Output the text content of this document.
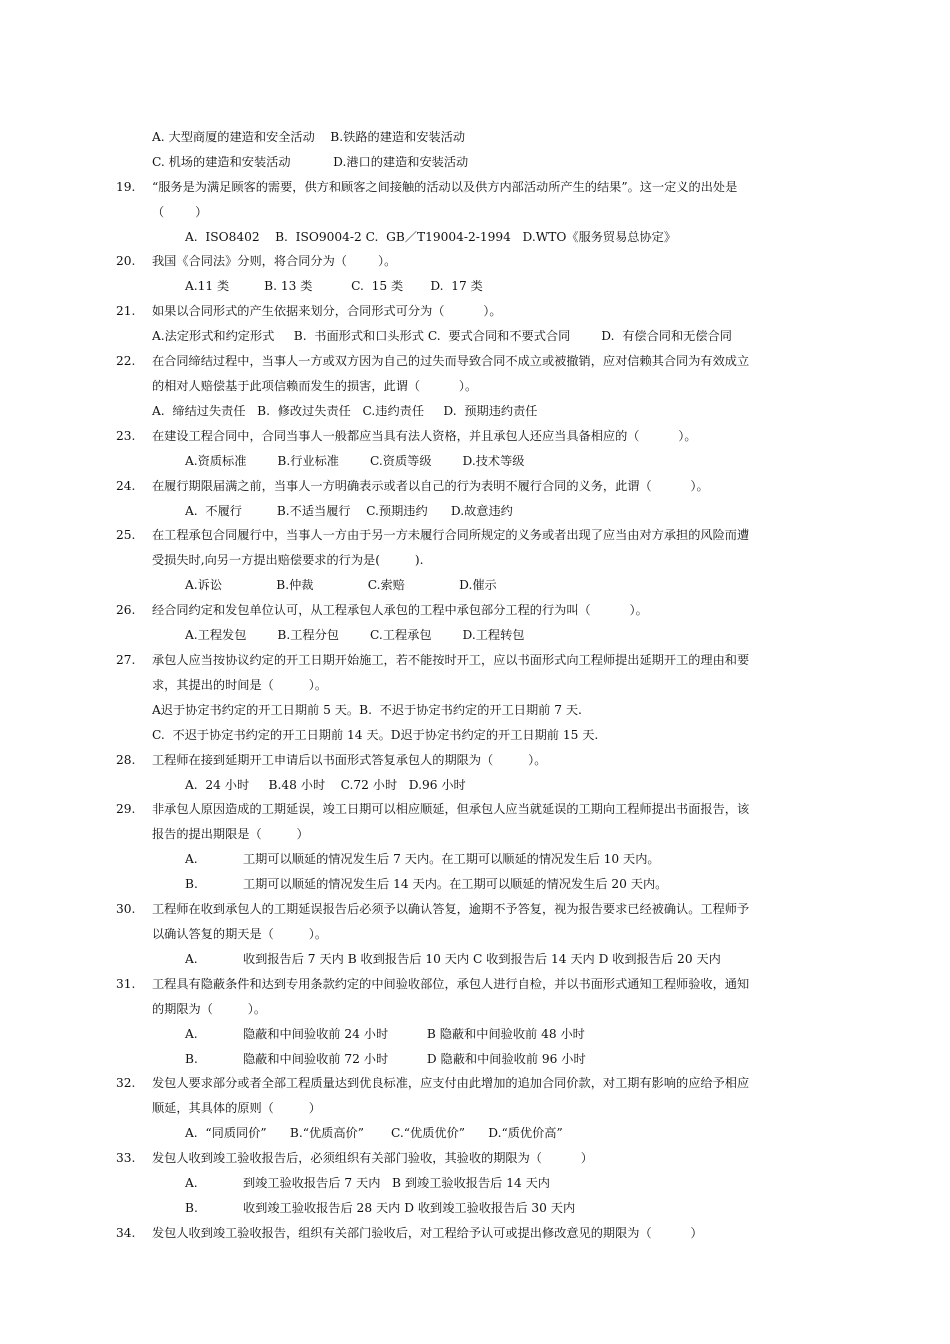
A. 大型商厦的建造和安全活动    B.铁路的建造和安装活动
C. 机场的建造和安装活动           D.港口的建造和安装活动
19. “服务是为满足顾客的需要，供方和顾客之间接触的活动以及供方内部活动所产生的结果”。这一定义的出处是
（        ）
A.  ISO8402    B.  ISO9004-2 C.  GB／T19004-2-1994   D.WTO《服务贸易总协定》
20. 我国《合同法》分则，将合同分为（        ）。
A.11 类         B. 13 类          C.  15 类       D.  17 类
21. 如果以合同形式的产生依据来划分，合同形式可分为（          ）。
A.法定形式和约定形式     B.  书面形式和口头形式 C.  要式合同和不要式合同        D.  有偿合同和无偿合同
22. 在合同缔结过程中，当事人一方或双方因为自己的过失而导致合同不成立或被撤销，应对信赖其合同为有效成立
的相对人赔偿基于此项信赖而发生的损害，此谓（          ）。
A.  缔结过失责任   B.  修改过失责任   C.违约责任     D.  预期违约责任
23. 在建设工程合同中，合同当事人一般都应当具有法人资格，并且承包人还应当具备相应的（          ）。
A.资质标准        B.行业标准        C.资质等级        D.技术等级
24. 在履行期限届满之前，当事人一方明确表示或者以自己的行为表明不履行合同的义务，此谓（          ）。
A.  不履行         B.不适当履行    C.预期违约      D.故意违约
25. 在工程承包合同履行中，当事人一方由于另一方未履行合同所规定的义务或者出现了应当由对方承担的风险而遭
受损失时,向另一方提出赔偿要求的行为是(         ).
A.诉讼              B.仲裁              C.索赔              D.催示
26. 经合同约定和发包单位认可，从工程承包人承包的工程中承包部分工程的行为叫（          ）。
A.工程发包        B.工程分包        C.工程承包        D.工程转包
27. 承包人应当按协议约定的开工日期开始施工，若不能按时开工，应以书面形式向工程师提出延期开工的理由和要
求，其提出的时间是（         ）。
A迟于协定书约定的开工日期前 5 天。B.  不迟于协定书约定的开工日期前 7 天.
C.  不迟于协定书约定的开工日期前 14 天。D迟于协定书约定的开工日期前 15 天.
28. 工程师在接到延期开工申请后以书面形式答复承包人的期限为（         ）。
A.  24 小时     B.48 小时    C.72 小时   D.96 小时
29. 非承包人原因造成的工期延误，竣工日期可以相应顺延，但承包人应当就延误的工期向工程师提出书面报告，该
报告的提出期限是（         ）
A.	工期可以顺延的情况发生后 7 天内。在工期可以顺延的情况发生后 10 天内。
B.	工期可以顺延的情况发生后 14 天内。在工期可以顺延的情况发生后 20 天内。
30. 工程师在收到承包人的工期延误报告后必须予以确认答复，逾期不予答复，视为报告要求已经被确认。工程师予
以确认答复的期天是（         ）。
A.	收到报告后 7 天内 B 收到报告后 10 天内 C 收到报告后 14 天内 D 收到报告后 20 天内
31. 工程具有隐蔽条件和达到专用条款约定的中间验收部位，承包人进行自检，并以书面形式通知工程师验收，通知
的期限为（         ）。
A.	隐蔽和中间验收前 24 小时          B 隐蔽和中间验收前 48 小时
B.	隐蔽和中间验收前 72 小时          D 隐蔽和中间验收前 96 小时
32. 发包人要求部分或者全部工程质量达到优良标准，应支付由此增加的追加合同价款，对工期有影响的应给予相应
顺延，其具体的原则（         ）
A.  “同质同价”      B.“优质高价”       C.“优质优价”      D.“质优价高”
33. 发包人收到竣工验收报告后，必须组织有关部门验收，其验收的期限为（          ）
A.	到竣工验收报告后 7 天内   B 到竣工验收报告后 14 天内
B.	收到竣工验收报告后 28 天内 D 收到竣工验收报告后 30 天内
34. 发包人收到竣工验收报告，组织有关部门验收后，对工程给予认可或提出修改意见的期限为（          ）
